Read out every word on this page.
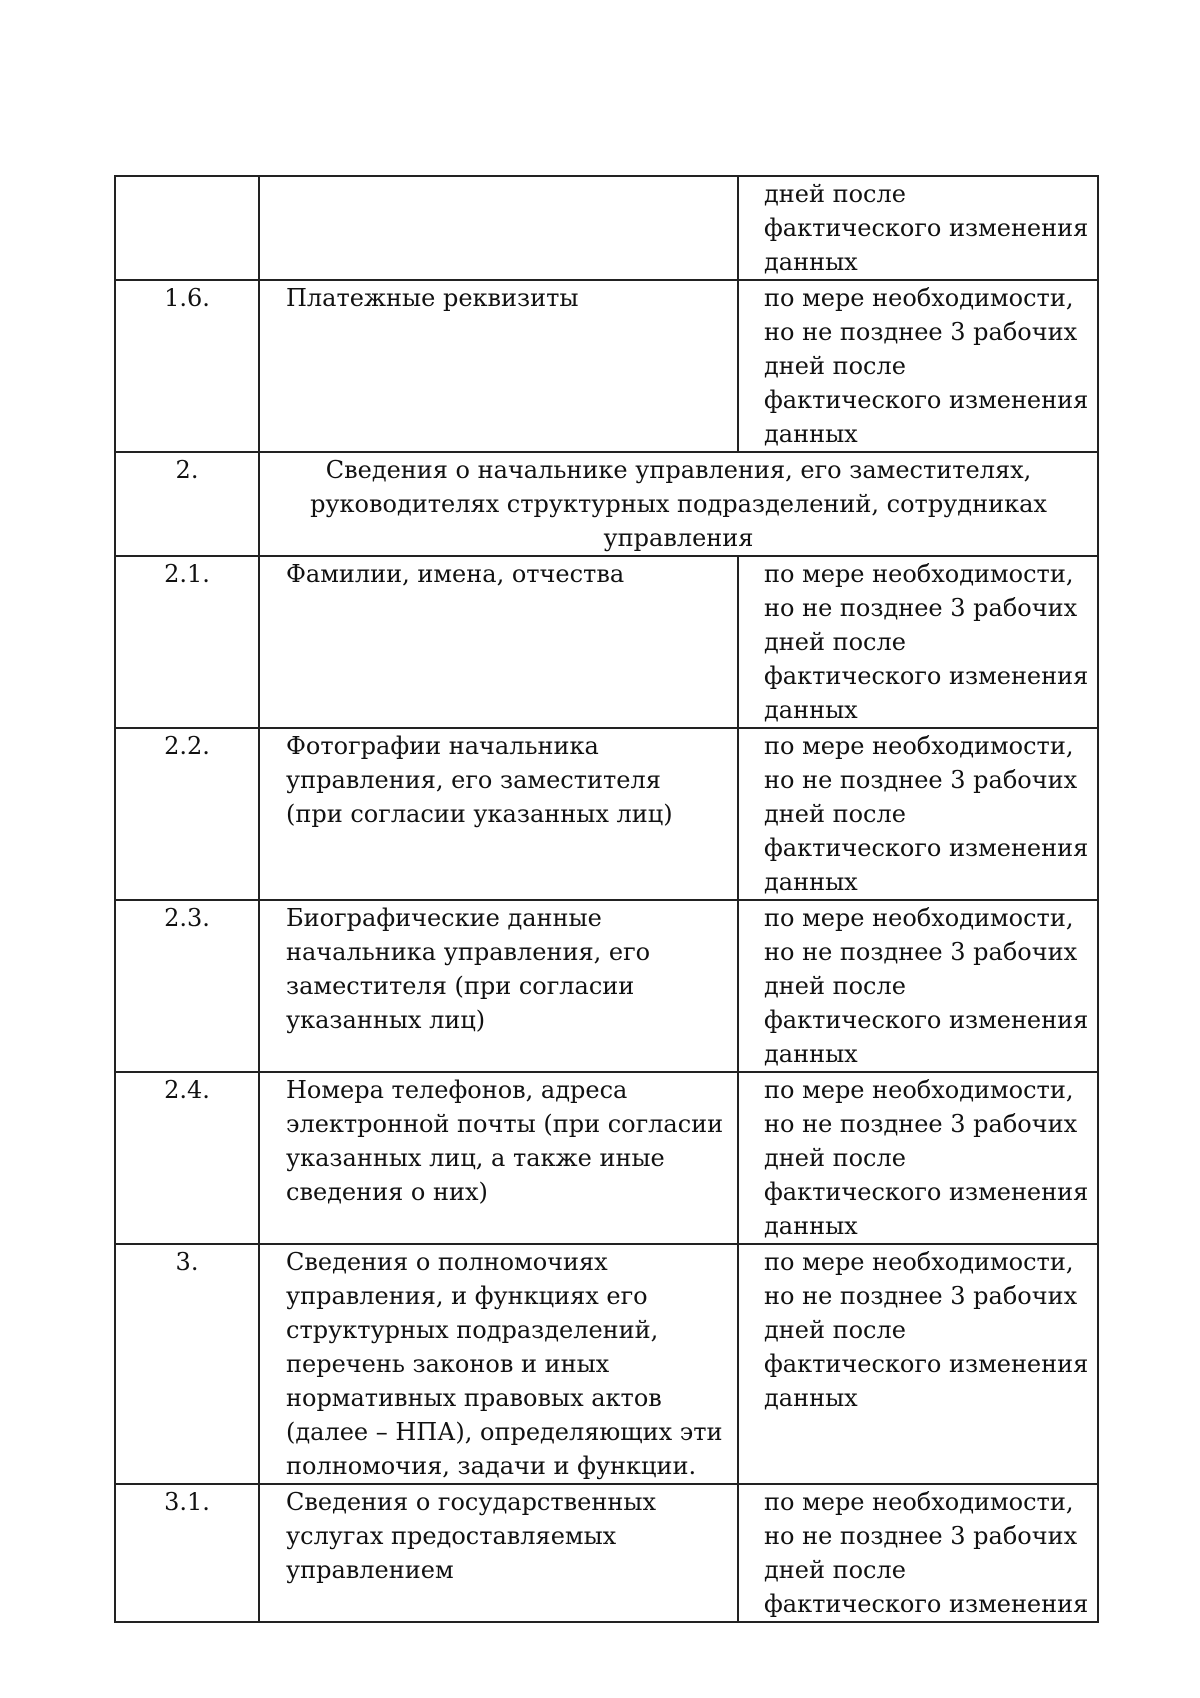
		дней после
фактического изменения
данных

1.6.	Платежные реквизиты	по мере необходимости,
но не позднее 3 рабочих
дней после
фактического изменения
данных

2.	Сведения о начальнике управления, его заместителях, руководителях структурных подразделений, сотрудниках управления	

2.1.	Фамилии, имена, отчества	по мере необходимости,
но не позднее 3 рабочих
дней после
фактического изменения
данных

2.2.	Фотографии начальника управления, его заместителя (при согласии указанных лиц)	по мере необходимости,
но не позднее 3 рабочих
дней после
фактического изменения
данных

2.3.	Биографические данные начальника управления, его заместителя (при согласии указанных лиц)	по мере необходимости,
но не позднее 3 рабочих
дней после
фактического изменения
данных

2.4.	Номера телефонов, адреса электронной почты (при согласии указанных лиц, а также иные сведения о них)	по мере необходимости,
но не позднее 3 рабочих
дней после
фактического изменения
данных

3.	Сведения о полномочиях управления, и функциях его структурных подразделений, перечень законов и иных нормативных правовых актов (далее – НПА), определяющих эти полномочия, задачи и функции.	по мере необходимости,
но не позднее 3 рабочих
дней после
фактического изменения
данных

3.1.	Сведения о государственных услугах предоставляемых управлением	по мере необходимости,
но не позднее 3 рабочих
дней после
фактического изменения
